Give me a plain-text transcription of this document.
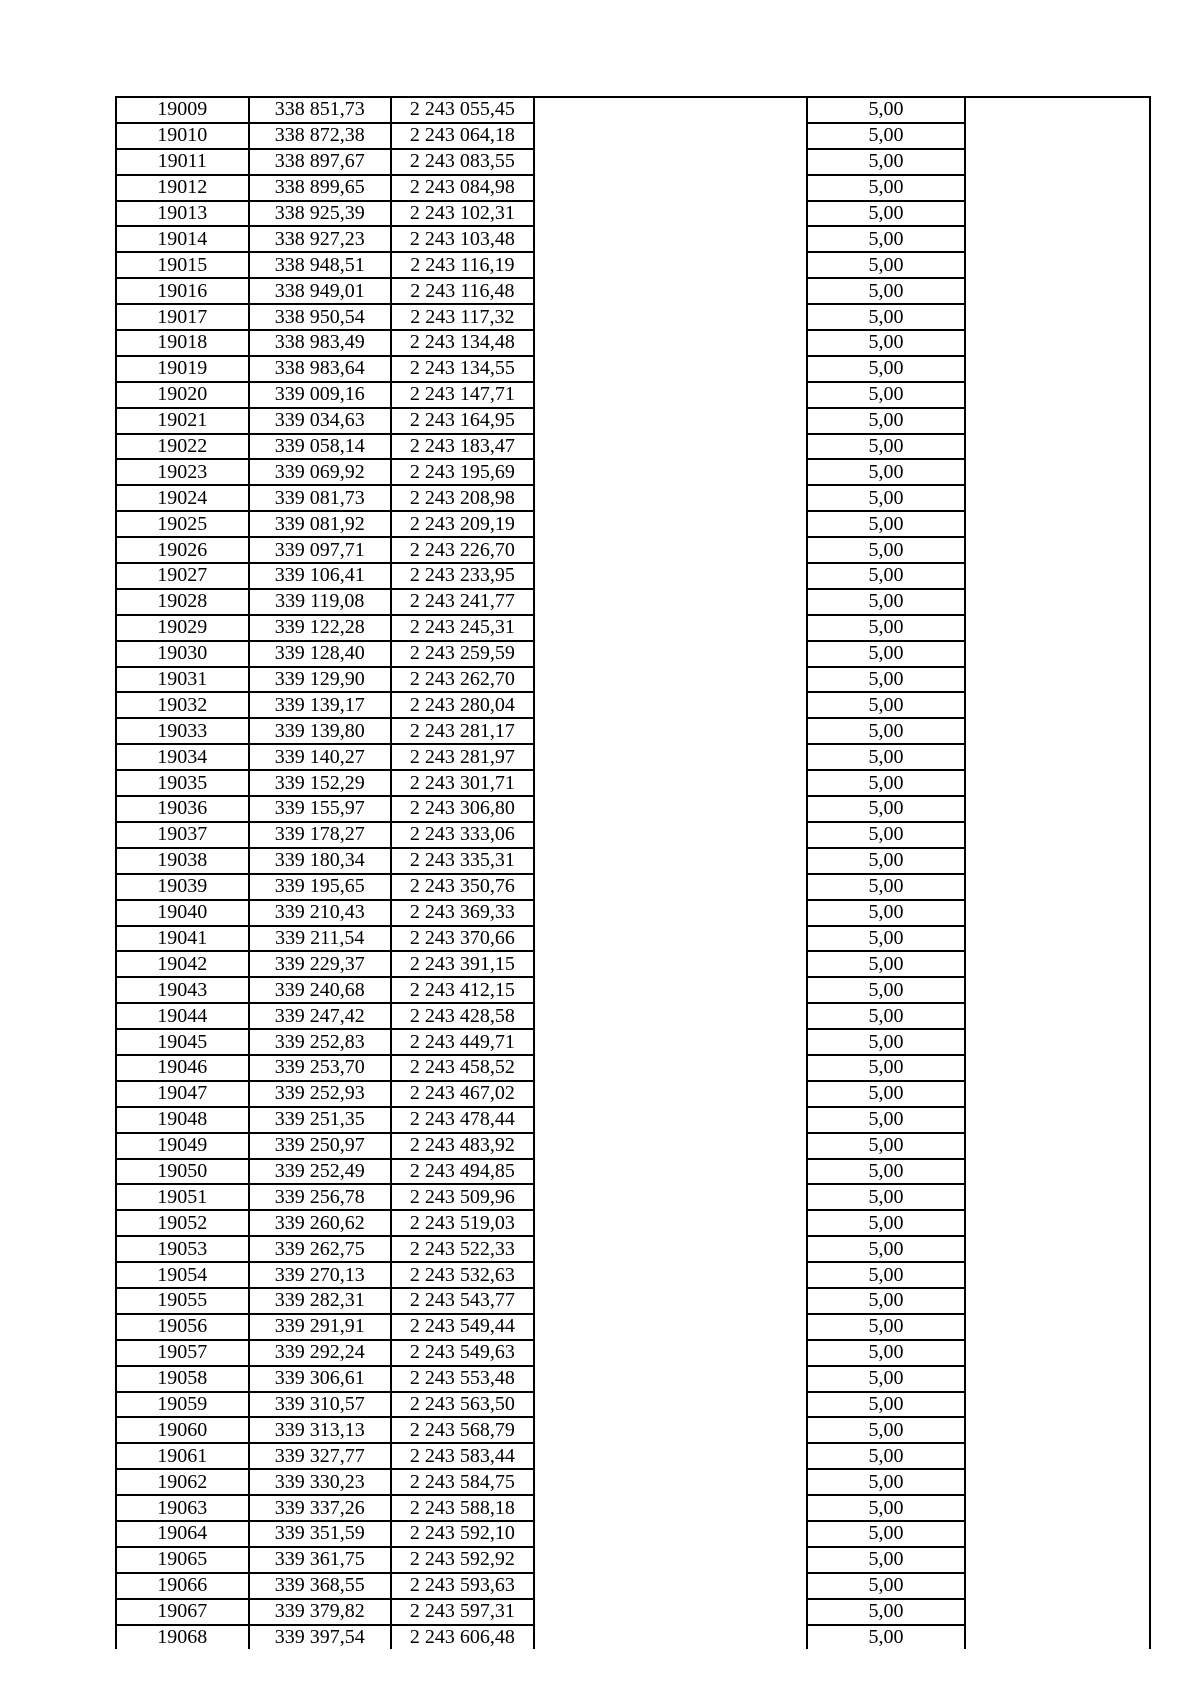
19009	338 851,73	2 243 055,45		5,00	
19010	338 872,38	2 243 064,18		5,00	
19011	338 897,67	2 243 083,55		5,00	
19012	338 899,65	2 243 084,98		5,00	
19013	338 925,39	2 243 102,31		5,00	
19014	338 927,23	2 243 103,48		5,00	
19015	338 948,51	2 243 116,19		5,00	
19016	338 949,01	2 243 116,48		5,00	
19017	338 950,54	2 243 117,32		5,00	
19018	338 983,49	2 243 134,48		5,00	
19019	338 983,64	2 243 134,55		5,00	
19020	339 009,16	2 243 147,71		5,00	
19021	339 034,63	2 243 164,95		5,00	
19022	339 058,14	2 243 183,47		5,00	
19023	339 069,92	2 243 195,69		5,00	
19024	339 081,73	2 243 208,98		5,00	
19025	339 081,92	2 243 209,19		5,00	
19026	339 097,71	2 243 226,70		5,00	
19027	339 106,41	2 243 233,95		5,00	
19028	339 119,08	2 243 241,77		5,00	
19029	339 122,28	2 243 245,31		5,00	
19030	339 128,40	2 243 259,59		5,00	
19031	339 129,90	2 243 262,70		5,00	
19032	339 139,17	2 243 280,04		5,00	
19033	339 139,80	2 243 281,17		5,00	
19034	339 140,27	2 243 281,97		5,00	
19035	339 152,29	2 243 301,71		5,00	
19036	339 155,97	2 243 306,80		5,00	
19037	339 178,27	2 243 333,06		5,00	
19038	339 180,34	2 243 335,31		5,00	
19039	339 195,65	2 243 350,76		5,00	
19040	339 210,43	2 243 369,33		5,00	
19041	339 211,54	2 243 370,66		5,00	
19042	339 229,37	2 243 391,15		5,00	
19043	339 240,68	2 243 412,15		5,00	
19044	339 247,42	2 243 428,58		5,00	
19045	339 252,83	2 243 449,71		5,00	
19046	339 253,70	2 243 458,52		5,00	
19047	339 252,93	2 243 467,02		5,00	
19048	339 251,35	2 243 478,44		5,00	
19049	339 250,97	2 243 483,92		5,00	
19050	339 252,49	2 243 494,85		5,00	
19051	339 256,78	2 243 509,96		5,00	
19052	339 260,62	2 243 519,03		5,00	
19053	339 262,75	2 243 522,33		5,00	
19054	339 270,13	2 243 532,63		5,00	
19055	339 282,31	2 243 543,77		5,00	
19056	339 291,91	2 243 549,44		5,00	
19057	339 292,24	2 243 549,63		5,00	
19058	339 306,61	2 243 553,48		5,00	
19059	339 310,57	2 243 563,50		5,00	
19060	339 313,13	2 243 568,79		5,00	
19061	339 327,77	2 243 583,44		5,00	
19062	339 330,23	2 243 584,75		5,00	
19063	339 337,26	2 243 588,18		5,00	
19064	339 351,59	2 243 592,10		5,00	
19065	339 361,75	2 243 592,92		5,00	
19066	339 368,55	2 243 593,63		5,00	
19067	339 379,82	2 243 597,31		5,00	
19068	339 397,54	2 243 606,48		5,00	
